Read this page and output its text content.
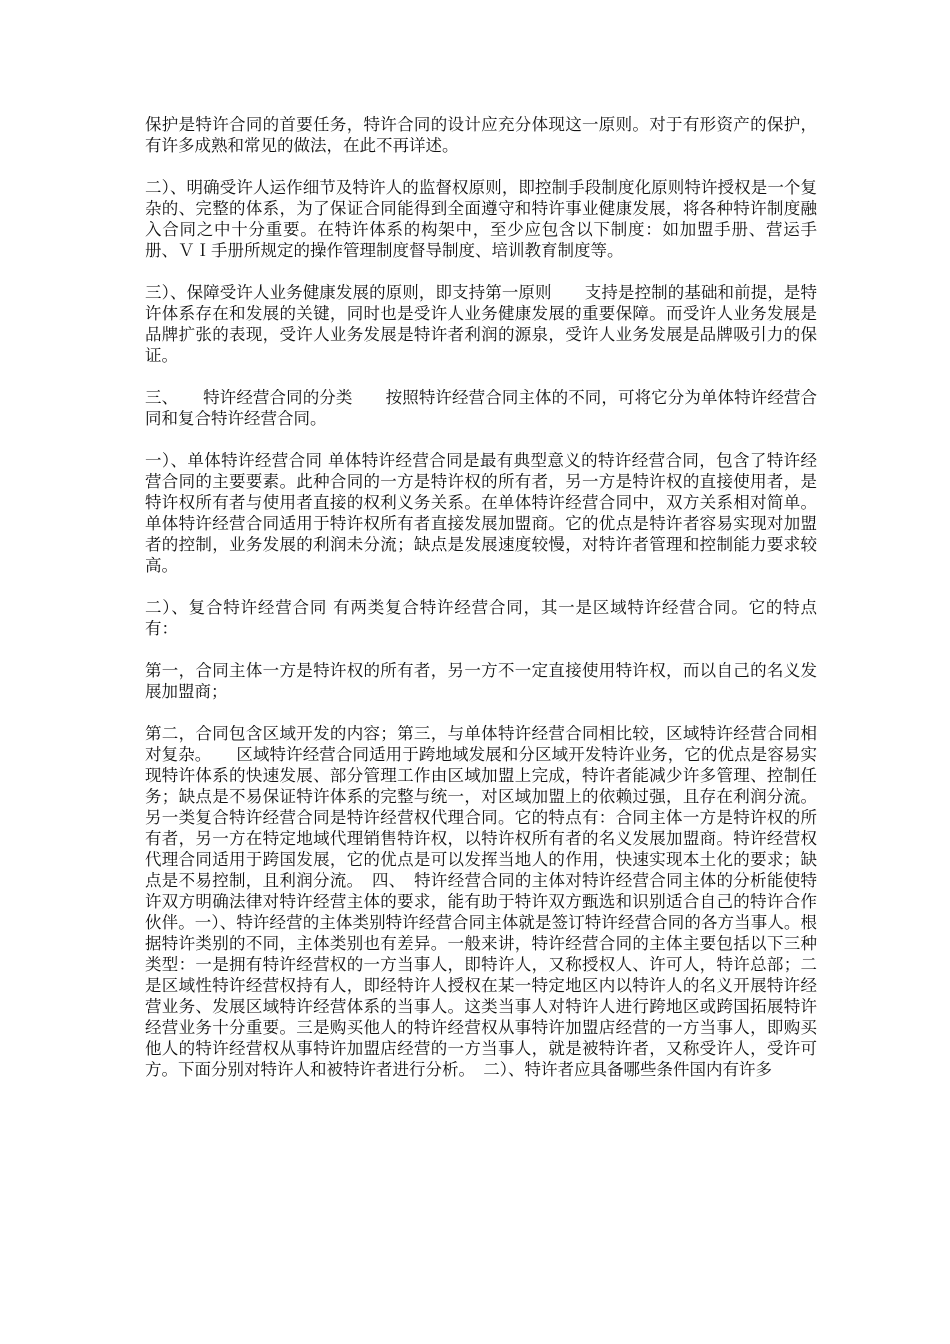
保护是特许合同的首要任务，特许合同的设计应充分体现这一原则。对于有形资产的保护，有许多成熟和常见的做法，在此不再详述。

二）、明确受许人运作细节及特许人的监督权原则，即控制手段制度化原则特许授权是一个复杂的、完整的体系，为了保证合同能得到全面遵守和特许事业健康发展，将各种特许制度融入合同之中十分重要。在特许体系的构架中，至少应包含以下制度：如加盟手册、营运手册、ＶＩ手册所规定的操作管理制度督导制度、培训教育制度等。

三）、保障受许人业务健康发展的原则，即支持第一原则　　支持是控制的基础和前提，是特许体系存在和发展的关键，同时也是受许人业务健康发展的重要保障。而受许人业务发展是品牌扩张的表现，受许人业务发展是特许者利润的源泉，受许人业务发展是品牌吸引力的保证。

三、　　特许经营合同的分类　　按照特许经营合同主体的不同，可将它分为单体特许经营合同和复合特许经营合同。

一）、单体特许经营合同 单体特许经营合同是最有典型意义的特许经营合同，包含了特许经营合同的主要要素。此种合同的一方是特许权的所有者，另一方是特许权的直接使用者，是特许权所有者与使用者直接的权利义务关系。在单体特许经营合同中，双方关系相对简单。 单体特许经营合同适用于特许权所有者直接发展加盟商。它的优点是特许者容易实现对加盟者的控制，业务发展的利润未分流；缺点是发展速度较慢，对特许者管理和控制能力要求较高。

二）、复合特许经营合同 有两类复合特许经营合同，其一是区域特许经营合同。它的特点有：

第一，合同主体一方是特许权的所有者，另一方不一定直接使用特许权，而以自己的名义发展加盟商；

第二，合同包含区域开发的内容；第三，与单体特许经营合同相比较，区域特许经营合同相对复杂。　　区域特许经营合同适用于跨地域发展和分区域开发特许业务，它的优点是容易实现特许体系的快速发展、部分管理工作由区域加盟上完成，特许者能减少许多管理、控制任务；缺点是不易保证特许体系的完整与统一，对区域加盟上的依赖过强，且存在利润分流。另一类复合特许经营合同是特许经营权代理合同。它的特点有：合同主体一方是特许权的所有者，另一方在特定地域代理销售特许权，以特许权所有者的名义发展加盟商。特许经营权代理合同适用于跨国发展，它的优点是可以发挥当地人的作用，快速实现本土化的要求；缺点是不易控制，且利润分流。　四、　特许经营合同的主体对特许经营合同主体的分析能使特许双方明确法律对特许经营主体的要求，能有助于特许双方甄选和识别适合自己的特许合作伙伴。一）、特许经营的主体类别特许经营合同主体就是签订特许经营合同的各方当事人。根据特许类别的不同，主体类别也有差异。一般来讲，特许经营合同的主体主要包括以下三种类型：一是拥有特许经营权的一方当事人，即特许人，又称授权人、许可人，特许总部；二是区域性特许经营权持有人，即经特许人授权在某一特定地区内以特许人的名义开展特许经营业务、发展区域特许经营体系的当事人。这类当事人对特许人进行跨地区或跨国拓展特许经营业务十分重要。三是购买他人的特许经营权从事特许加盟店经营的一方当事人，即购买他人的特许经营权从事特许加盟店经营的一方当事人，就是被特许者，又称受许人，受许可方。下面分别对特许人和被特许者进行分析。　二）、特许者应具备哪些条件国内有许多
